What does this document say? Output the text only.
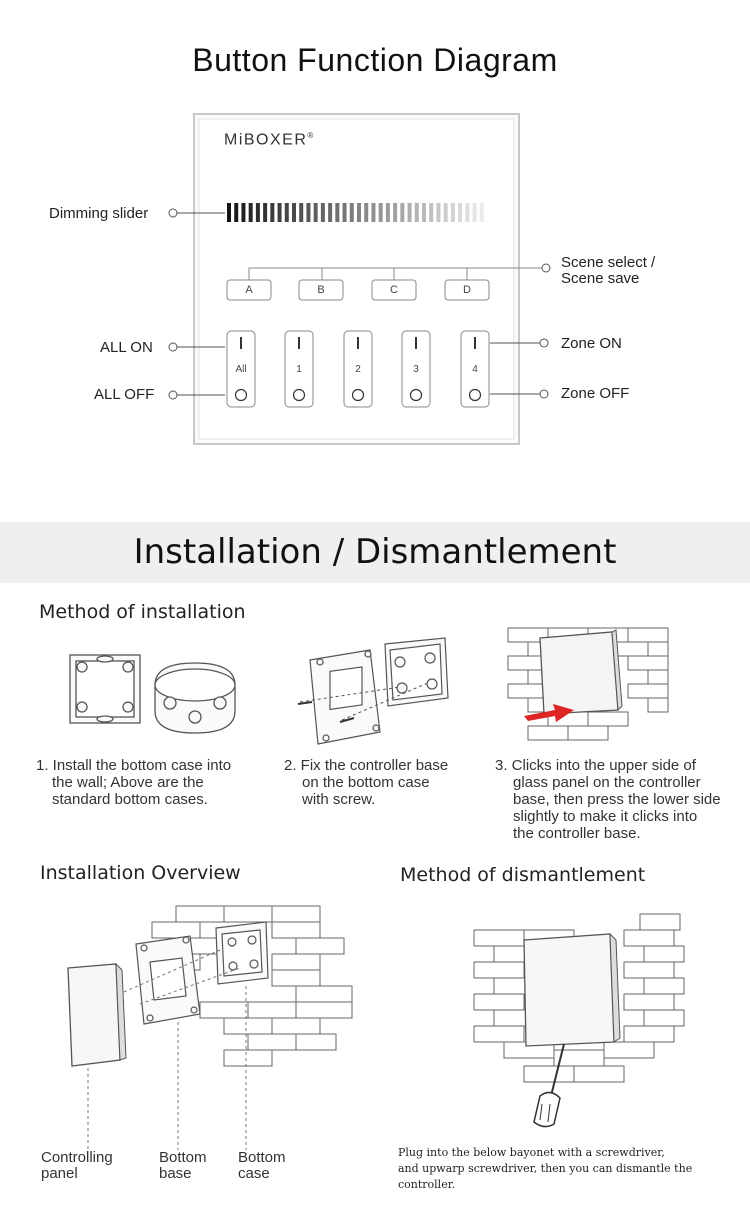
Button Function Diagram
MiBOXER®
A	B	C	D
All	1	2	3	4
Dimming slider
Scene select /
Scene save
ALL ON
ALL OFF
Zone ON
Zone OFF
Installation / Dismantlement
Method of installation
1. Install the bottom case into
the wall; Above are the
standard bottom cases.
2. Fix the controller base
on the bottom case
with screw.
3. Clicks into the upper side of
glass panel on the controller
base, then press the lower side
slightly to make it clicks into
the controller base.
Installation Overview	Method of dismantlement
Controlling
panel
Bottom
base
Bottom
case
Plug into the below bayonet with a screwdriver,
and upwarp screwdriver, then you can dismantle the controller.
